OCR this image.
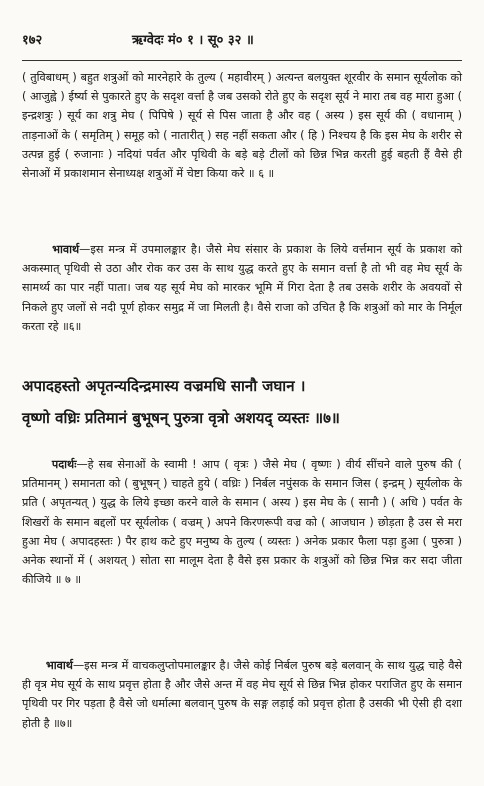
१७२	ऋग्वेदः मं० १ । सू० ३२ ॥

( तुविबाधम् ) बहुत शत्रुओं को मारनेहारे के तुल्य ( महावीरम् ) अत्यन्त बलयुक्त शूरवीर के समान सूर्यलोक को ( आजुह्वे ) ईर्ष्या से पुकारते हुए के सदृश वर्त्ता है जब उसको रोते हुए के सदृश सूर्य ने मारा तब वह मारा हुआ ( इन्द्रशत्रुः ) सूर्य का शत्रु मेघ ( पिपिषे ) सूर्य से पिस जाता है और वह ( अस्य ) इस सूर्य की ( वधानाम् ) ताड़नाओं के ( समृतिम् ) समूह को ( नातारीत् ) सह नहीं सकता और ( हि ) निश्चय है कि इस मेघ के शरीर से उत्पन्न हुई ( रुजानाः ) नदियां पर्वत और पृथिवी के बड़े बड़े टीलों को छिन्न भिन्न करती हुई बहती हैं वैसे ही सेनाओं में प्रकाशमान सेनाध्यक्ष शत्रुओं में चेष्टा किया करे ॥ ६ ॥

भावार्थ—इस मन्त्र में उपमालङ्कार है। जैसे मेघ संसार के प्रकाश के लिये वर्त्तमान सूर्य के प्रकाश को अकस्मात् पृथिवी से उठा और रोक कर उस के साथ युद्ध करते हुए के समान वर्त्ता है तो भी वह मेघ सूर्य के सामर्थ्य का पार नहीं पाता। जब यह सूर्य मेघ को मारकर भूमि में गिरा देता है तब उसके शरीर के अवयवों से निकले हुए जलों से नदी पूर्ण होकर समुद्र में जा मिलती है। वैसे राजा को उचित है कि शत्रुओं को मार के निर्मूल करता रहे ॥६॥

अपादहस्तो अपृतन्यदिन्द्रमास्य वज्रमधि सानौ जघान ।
वृष्णो वध्रिः प्रतिमानं बुभूषन् पुरुत्रा वृत्रो अशयद् व्यस्तः ॥७॥

पदार्थः—हे सब सेनाओं के स्वामी ! आप ( वृत्रः ) जैसे मेघ ( वृष्णः ) वीर्य सींचने वाले पुरुष की ( प्रतिमानम् ) समानता को ( बुभूषन् ) चाहते हुये ( वध्रिः ) निर्बल नपुंसक के समान जिस ( इन्द्रम् ) सूर्यलोक के प्रति ( अपृतन्यत् ) युद्ध के लिये इच्छा करने वाले के समान ( अस्य ) इस मेघ के ( सानौ ) ( अधि ) पर्वत के शिखरों के समान बद्दलों पर सूर्यलोक ( वज्रम् ) अपने किरणरूपी वज्र को ( आजघान ) छोड़ता है उस से मरा हुआ मेघ ( अपादहस्तः ) पैर हाथ कटे हुए मनुष्य के तुल्य ( व्यस्तः ) अनेक प्रकार फैला पड़ा हुआ ( पुरुत्रा ) अनेक स्थानों में ( अशयत् ) सोता सा मालूम देता है वैसे इस प्रकार के शत्रुओं को छिन्न भिन्न कर सदा जीता कीजिये ॥ ७ ॥

भावार्थ—इस मन्त्र में वाचकलुप्तोपमालङ्कार है। जैसे कोई निर्बल पुरुष बड़े बलवान् के साथ युद्ध चाहे वैसे ही वृत्र मेघ सूर्य के साथ प्रवृत्त होता है और जैसे अन्त में वह मेघ सूर्य से छिन्न भिन्न होकर पराजित हुए के समान पृथिवी पर गिर पड़ता है वैसे जो धर्मात्मा बलवान् पुरुष के सङ्ग लड़ाई को प्रवृत्त होता है उसकी भी ऐसी ही दशा होती है ॥७॥
